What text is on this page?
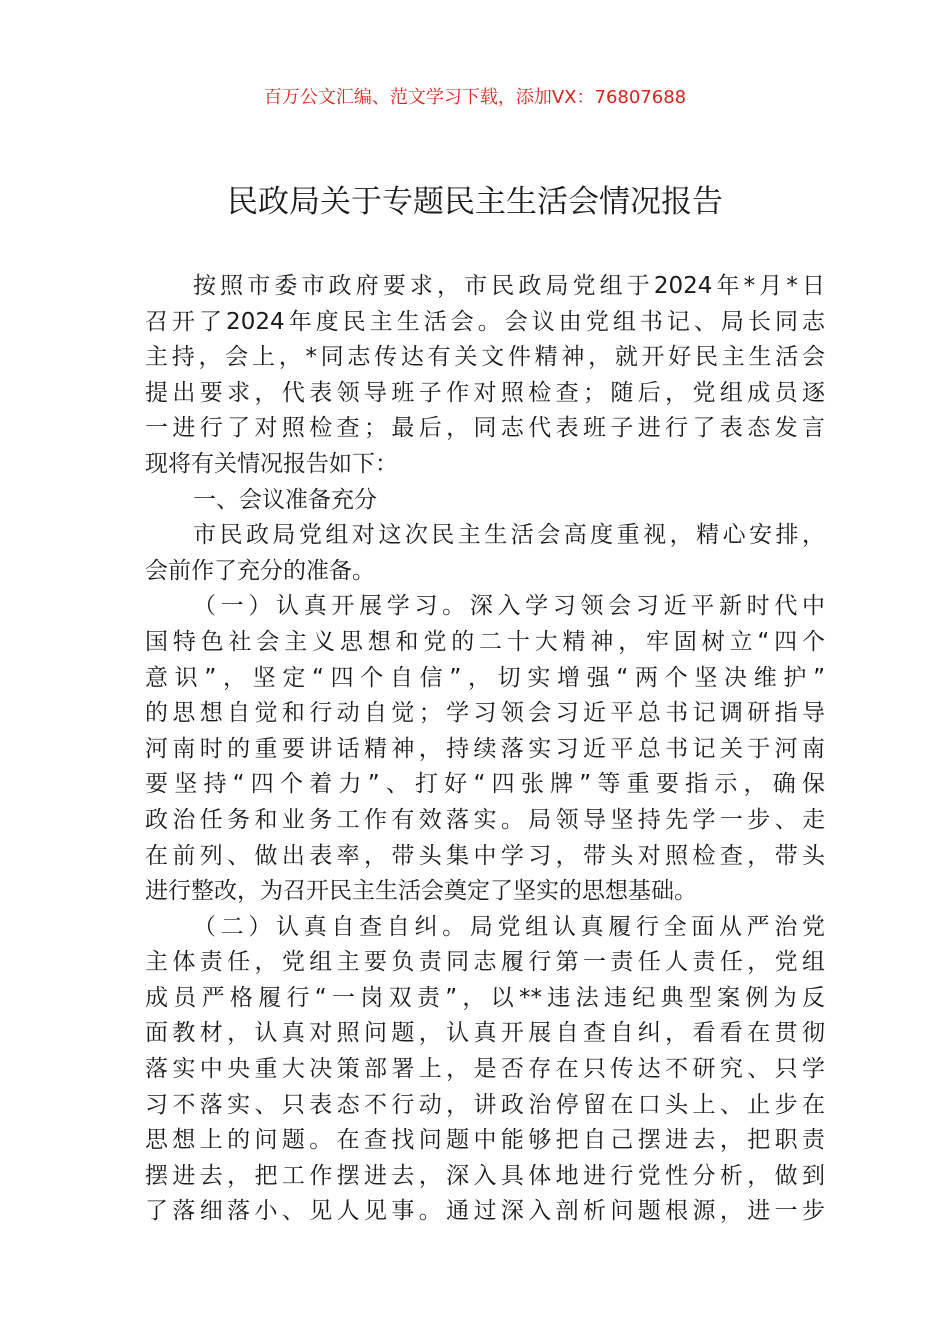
百万公文汇编、范文学习下载，添加VX：76807688
民政局关于专题民主生活会情况报告
按照市委市政府要求，市民政局党组于2024年*月*日
召开了2024年度民主生活会。会议由党组书记、局长同志
主持，会上，*同志传达有关文件精神，就开好民主生活会
提出要求，代表领导班子作对照检查；随后，党组成员逐
一进行了对照检查；最后，同志代表班子进行了表态发言
现将有关情况报告如下：
一、会议准备充分
市民政局党组对这次民主生活会高度重视，精心安排，
会前作了充分的准备。
（一）认真开展学习。深入学习领会习近平新时代中
国特色社会主义思想和党的二十大精神，牢固树立“四个
意识”，坚定“四个自信”，切实增强“两个坚决维护”
的思想自觉和行动自觉；学习领会习近平总书记调研指导
河南时的重要讲话精神，持续落实习近平总书记关于河南
要坚持“四个着力”、打好“四张牌”等重要指示，确保
政治任务和业务工作有效落实。局领导坚持先学一步、走
在前列、做出表率，带头集中学习，带头对照检查，带头
进行整改，为召开民主生活会奠定了坚实的思想基础。
（二）认真自查自纠。局党组认真履行全面从严治党
主体责任，党组主要负责同志履行第一责任人责任，党组
成员严格履行“一岗双责”，以**违法违纪典型案例为反
面教材，认真对照问题，认真开展自查自纠，看看在贯彻
落实中央重大决策部署上，是否存在只传达不研究、只学
习不落实、只表态不行动，讲政治停留在口头上、止步在
思想上的问题。在查找问题中能够把自己摆进去，把职责
摆进去，把工作摆进去，深入具体地进行党性分析，做到
了落细落小、见人见事。通过深入剖析问题根源，进一步
